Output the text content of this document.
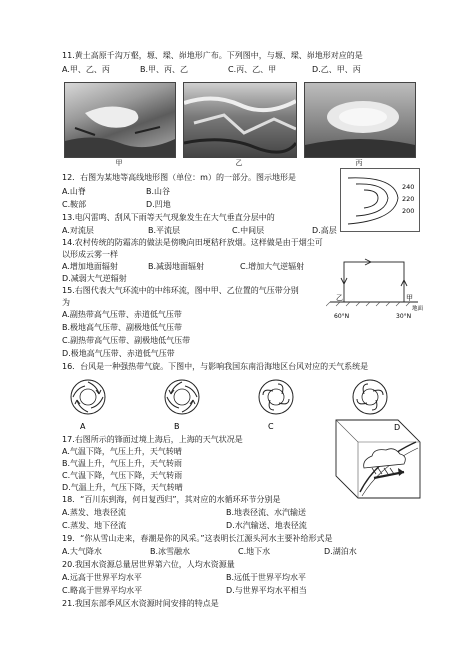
11.黄土高原千沟万壑，塬、墚、峁地形广布。下列图中，与塬、墚、峁地形对应的是
A.甲、乙、丙	B.甲、丙、乙	C.丙、乙、甲	D.乙、甲、丙
甲	乙	丙
12．右图为某地等高线地形图（单位：m）的一部分。图示地形是
A.山脊	B.山谷
C.鞍部	D.凹地
240
220
200
13.电闪雷鸣、刮风下雨等天气现象发生在大气垂直分层中的
A.对流层	B.平流层	C.中间层	D.高层
14.农村传统的防霜冻的做法是傍晚向田埂秸秆放烟。这样做是由于烟尘可
以形成云雾一样
A.增加地面辐射	B.减弱地面辐射	C.增加大气逆辐射
D.减弱大气逆辐射
15.右图代表大气环流中的中纬环流，图中甲、乙位置的气压带分别
为
A.副热带高气压带、赤道低气压带
B.极地高气压带、副极地低气压带
C.副热带高气压带、副极地低气压带
D.极地高气压带、赤道低气压带
乙	甲
地面
60°N	30°N
16．台风是一种强热带气旋。下图中，与影响我国东南沿海地区台风对应的天气系统是
A	B	C
17.右图所示的锋面过境上海后，上海的天气状况是
A.气温下降，气压上升，天气转晴
B.气温上升，气压上升，天气转雨
C.气温下降，气压下降，天气转雨
D.气温上升，气压下降，天气转晴
D
18．“百川东到海，何日复西归”，其对应的水循环环节分别是
A.蒸发、地表径流	B.地表径流、水汽输送
C.蒸发、地下径流	D.水汽输送、地表径流
19．“你从雪山走来，春潮是你的风采。”这表明长江源头河水主要补给形式是
A.大气降水	B.冰雪融水	C.地下水	D.湖泊水
20.我国水资源总量居世界第六位，人均水资源量
A.远高于世界平均水平	B.远低于世界平均水平
C.略高于世界平均水平	D.与世界平均水平相当
21.我国东部季风区水资源时间安排的特点是
